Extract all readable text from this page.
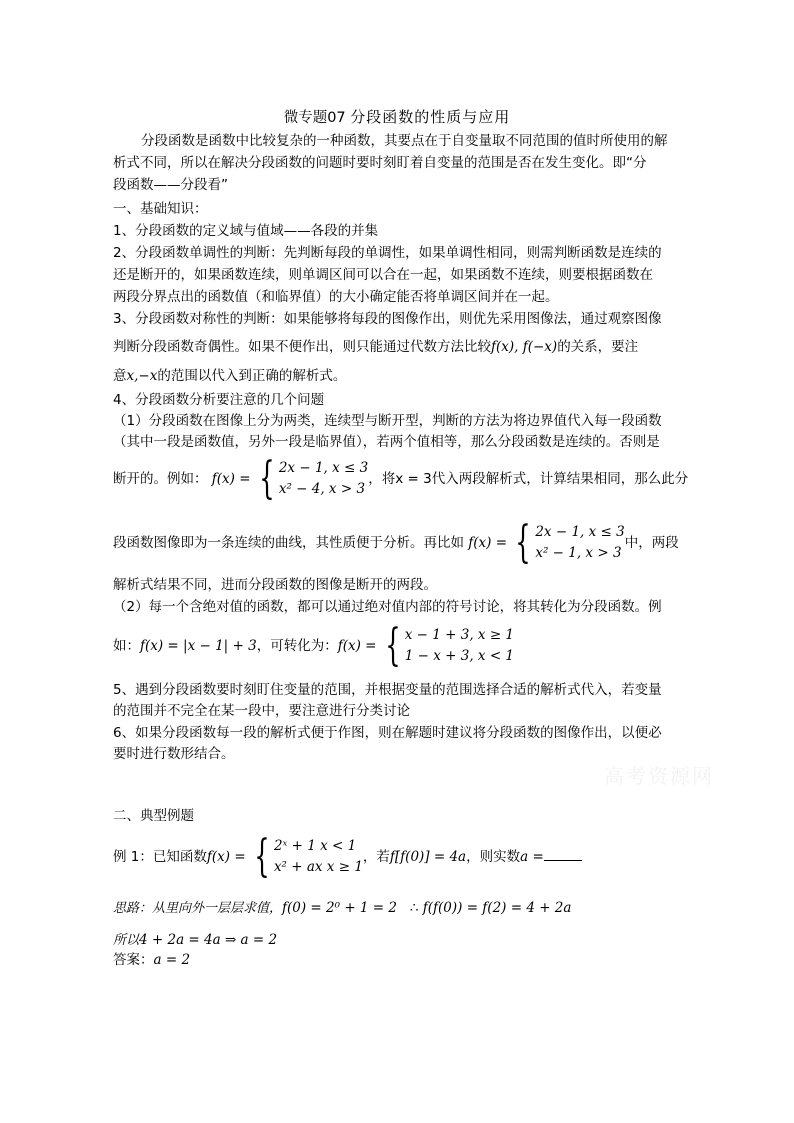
微专题07 分段函数的性质与应用
分段函数是函数中比较复杂的一种函数，其要点在于自变量取不同范围的值时所使用的解
析式不同，所以在解决分段函数的问题时要时刻盯着自变量的范围是否在发生变化。即“分
段函数——分段看”
一、基础知识：
1、分段函数的定义域与值域——各段的并集
2、分段函数单调性的判断：先判断每段的单调性，如果单调性相同，则需判断函数是连续的
还是断开的，如果函数连续，则单调区间可以合在一起，如果函数不连续，则要根据函数在
两段分界点出的函数值（和临界值）的大小确定能否将单调区间并在一起。
3、分段函数对称性的判断：如果能够将每段的图像作出，则优先采用图像法，通过观察图像
判断分段函数奇偶性。如果不便作出，则只能通过代数方法比较f(x), f(−x)的关系，要注
意x,−x的范围以代入到正确的解析式。
4、分段函数分析要注意的几个问题
（1）分段函数在图像上分为两类，连续型与断开型，判断的方法为将边界值代入每一段函数
（其中一段是函数值，另外一段是临界值），若两个值相等，那么分段函数是连续的。否则是
断开的。例如： f(x) = { 2x − 1, x ≤ 3
x² − 4, x > 3
，将x = 3代入两段解析式，计算结果相同，那么此分
段函数图像即为一条连续的曲线，其性质便于分析。再比如 f(x) = { 2x − 1, x ≤ 3
x² − 1, x > 3
中，两段
解析式结果不同，进而分段函数的图像是断开的两段。
（2）每一个含绝对值的函数，都可以通过绝对值内部的符号讨论，将其转化为分段函数。例
如：f(x) = |x − 1| + 3，可转化为：f(x) = { x − 1 + 3, x ≥ 1
1 − x + 3, x < 1
5、遇到分段函数要时刻盯住变量的范围，并根据变量的范围选择合适的解析式代入，若变量
的范围并不完全在某一段中，要注意进行分类讨论
6、如果分段函数每一段的解析式便于作图，则在解题时建议将分段函数的图像作出，以便必
要时进行数形结合。
高考资源网
二、典型例题
例 1：已知函数f(x) = { 2ˣ + 1 x < 1
x² + ax x ≥ 1
，若f[f(0)] = 4a，则实数a =
思路：从里向外一层层求值，f(0) = 2⁰ + 1 = 2 ∴ f(f(0)) = f(2) = 4 + 2a
所以4 + 2a = 4a ⇒ a = 2
答案：a = 2
